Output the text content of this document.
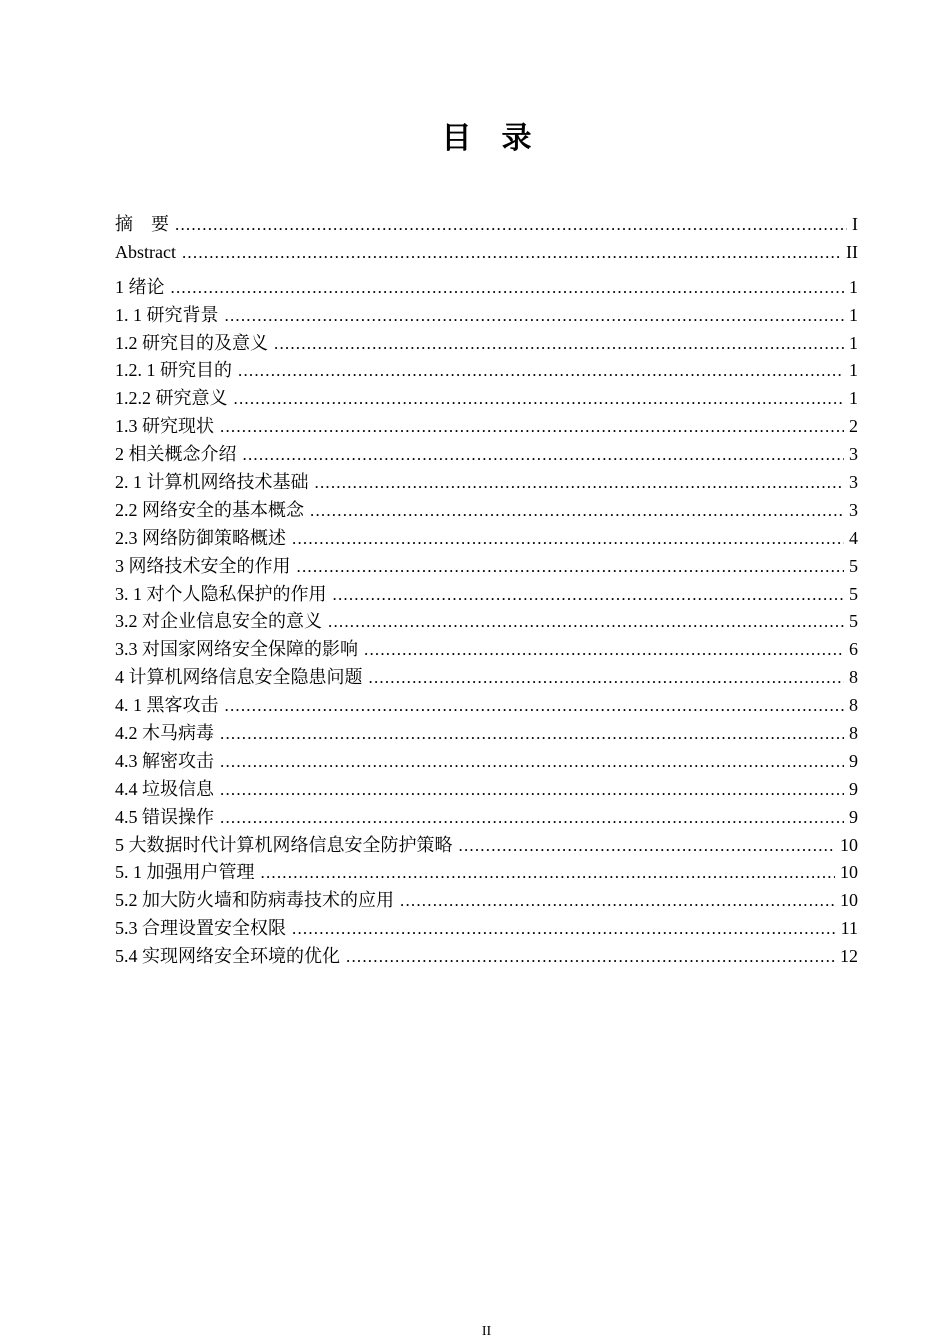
目　录
摘　要 .....	I
Abstract .....	II
1 绪论 .....	1
1. 1 研究背景 .....	1
1.2 研究目的及意义 .....	1
1.2. 1 研究目的 .....	1
1.2.2 研究意义 .....	1
1.3 研究现状 .....	2
2 相关概念介绍 .....	3
2. 1 计算机网络技术基础 .....	3
2.2 网络安全的基本概念 .....	3
2.3 网络防御策略概述 .....	4
3 网络技术安全的作用 .....	5
3. 1 对个人隐私保护的作用 .....	5
3.2 对企业信息安全的意义 .....	5
3.3 对国家网络安全保障的影响 .....	6
4 计算机网络信息安全隐患问题 .....	8
4. 1 黑客攻击 .....	8
4.2 木马病毒 .....	8
4.3 解密攻击 .....	9
4.4 垃圾信息 .....	9
4.5 错误操作 .....	9
5 大数据时代计算机网络信息安全防护策略 .....	10
5. 1 加强用户管理 .....	10
5.2 加大防火墙和防病毒技术的应用 .....	10
5.3 合理设置安全权限 .....	11
5.4 实现网络安全环境的优化 .....	12
II
